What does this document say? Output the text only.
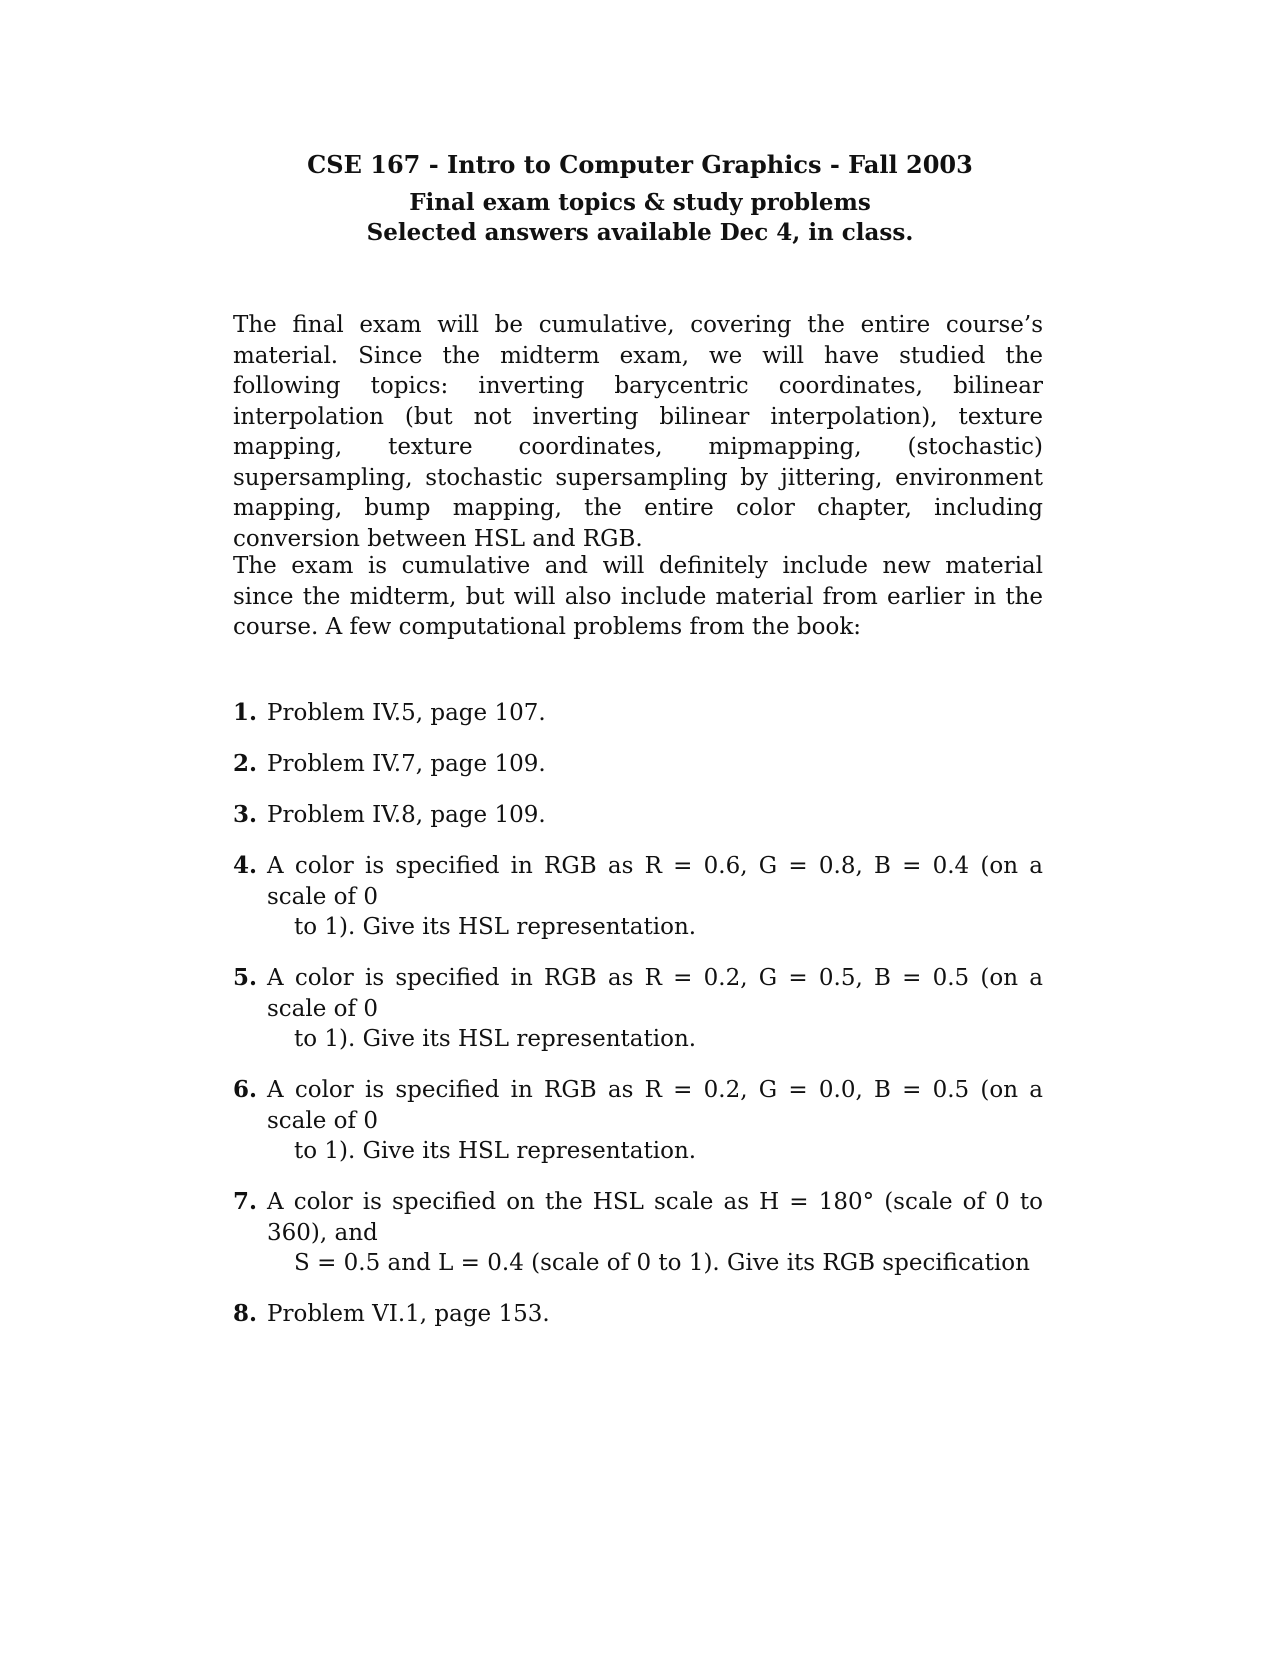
CSE 167 - Intro to Computer Graphics - Fall 2003

Final exam topics & study problems

Selected answers available Dec 4, in class.

The final exam will be cumulative, covering the entire course’s material. Since the midterm exam, we will have studied the following topics: inverting barycentric coordinates, bilinear interpolation (but not inverting bilinear interpolation), texture mapping, texture coordinates, mipmapping, (stochastic) supersampling, stochastic supersampling by jittering, environment mapping, bump mapping, the entire color chapter, including conversion between HSL and RGB.

The exam is cumulative and will definitely include new material since the midterm, but will also include material from earlier in the course. A few computational problems from the book:

1. Problem IV.5, page 107.
2. Problem IV.7, page 109.
3. Problem IV.8, page 109.
4. A color is specified in RGB as R = 0.6, G = 0.8, B = 0.4 (on a scale of 0
to 1). Give its HSL representation.
5. A color is specified in RGB as R = 0.2, G = 0.5, B = 0.5 (on a scale of 0
to 1). Give its HSL representation.
6. A color is specified in RGB as R = 0.2, G = 0.0, B = 0.5 (on a scale of 0
to 1). Give its HSL representation.
7. A color is specified on the HSL scale as H = 180° (scale of 0 to 360), and
S = 0.5 and L = 0.4 (scale of 0 to 1). Give its RGB specification
8. Problem VI.1, page 153.
